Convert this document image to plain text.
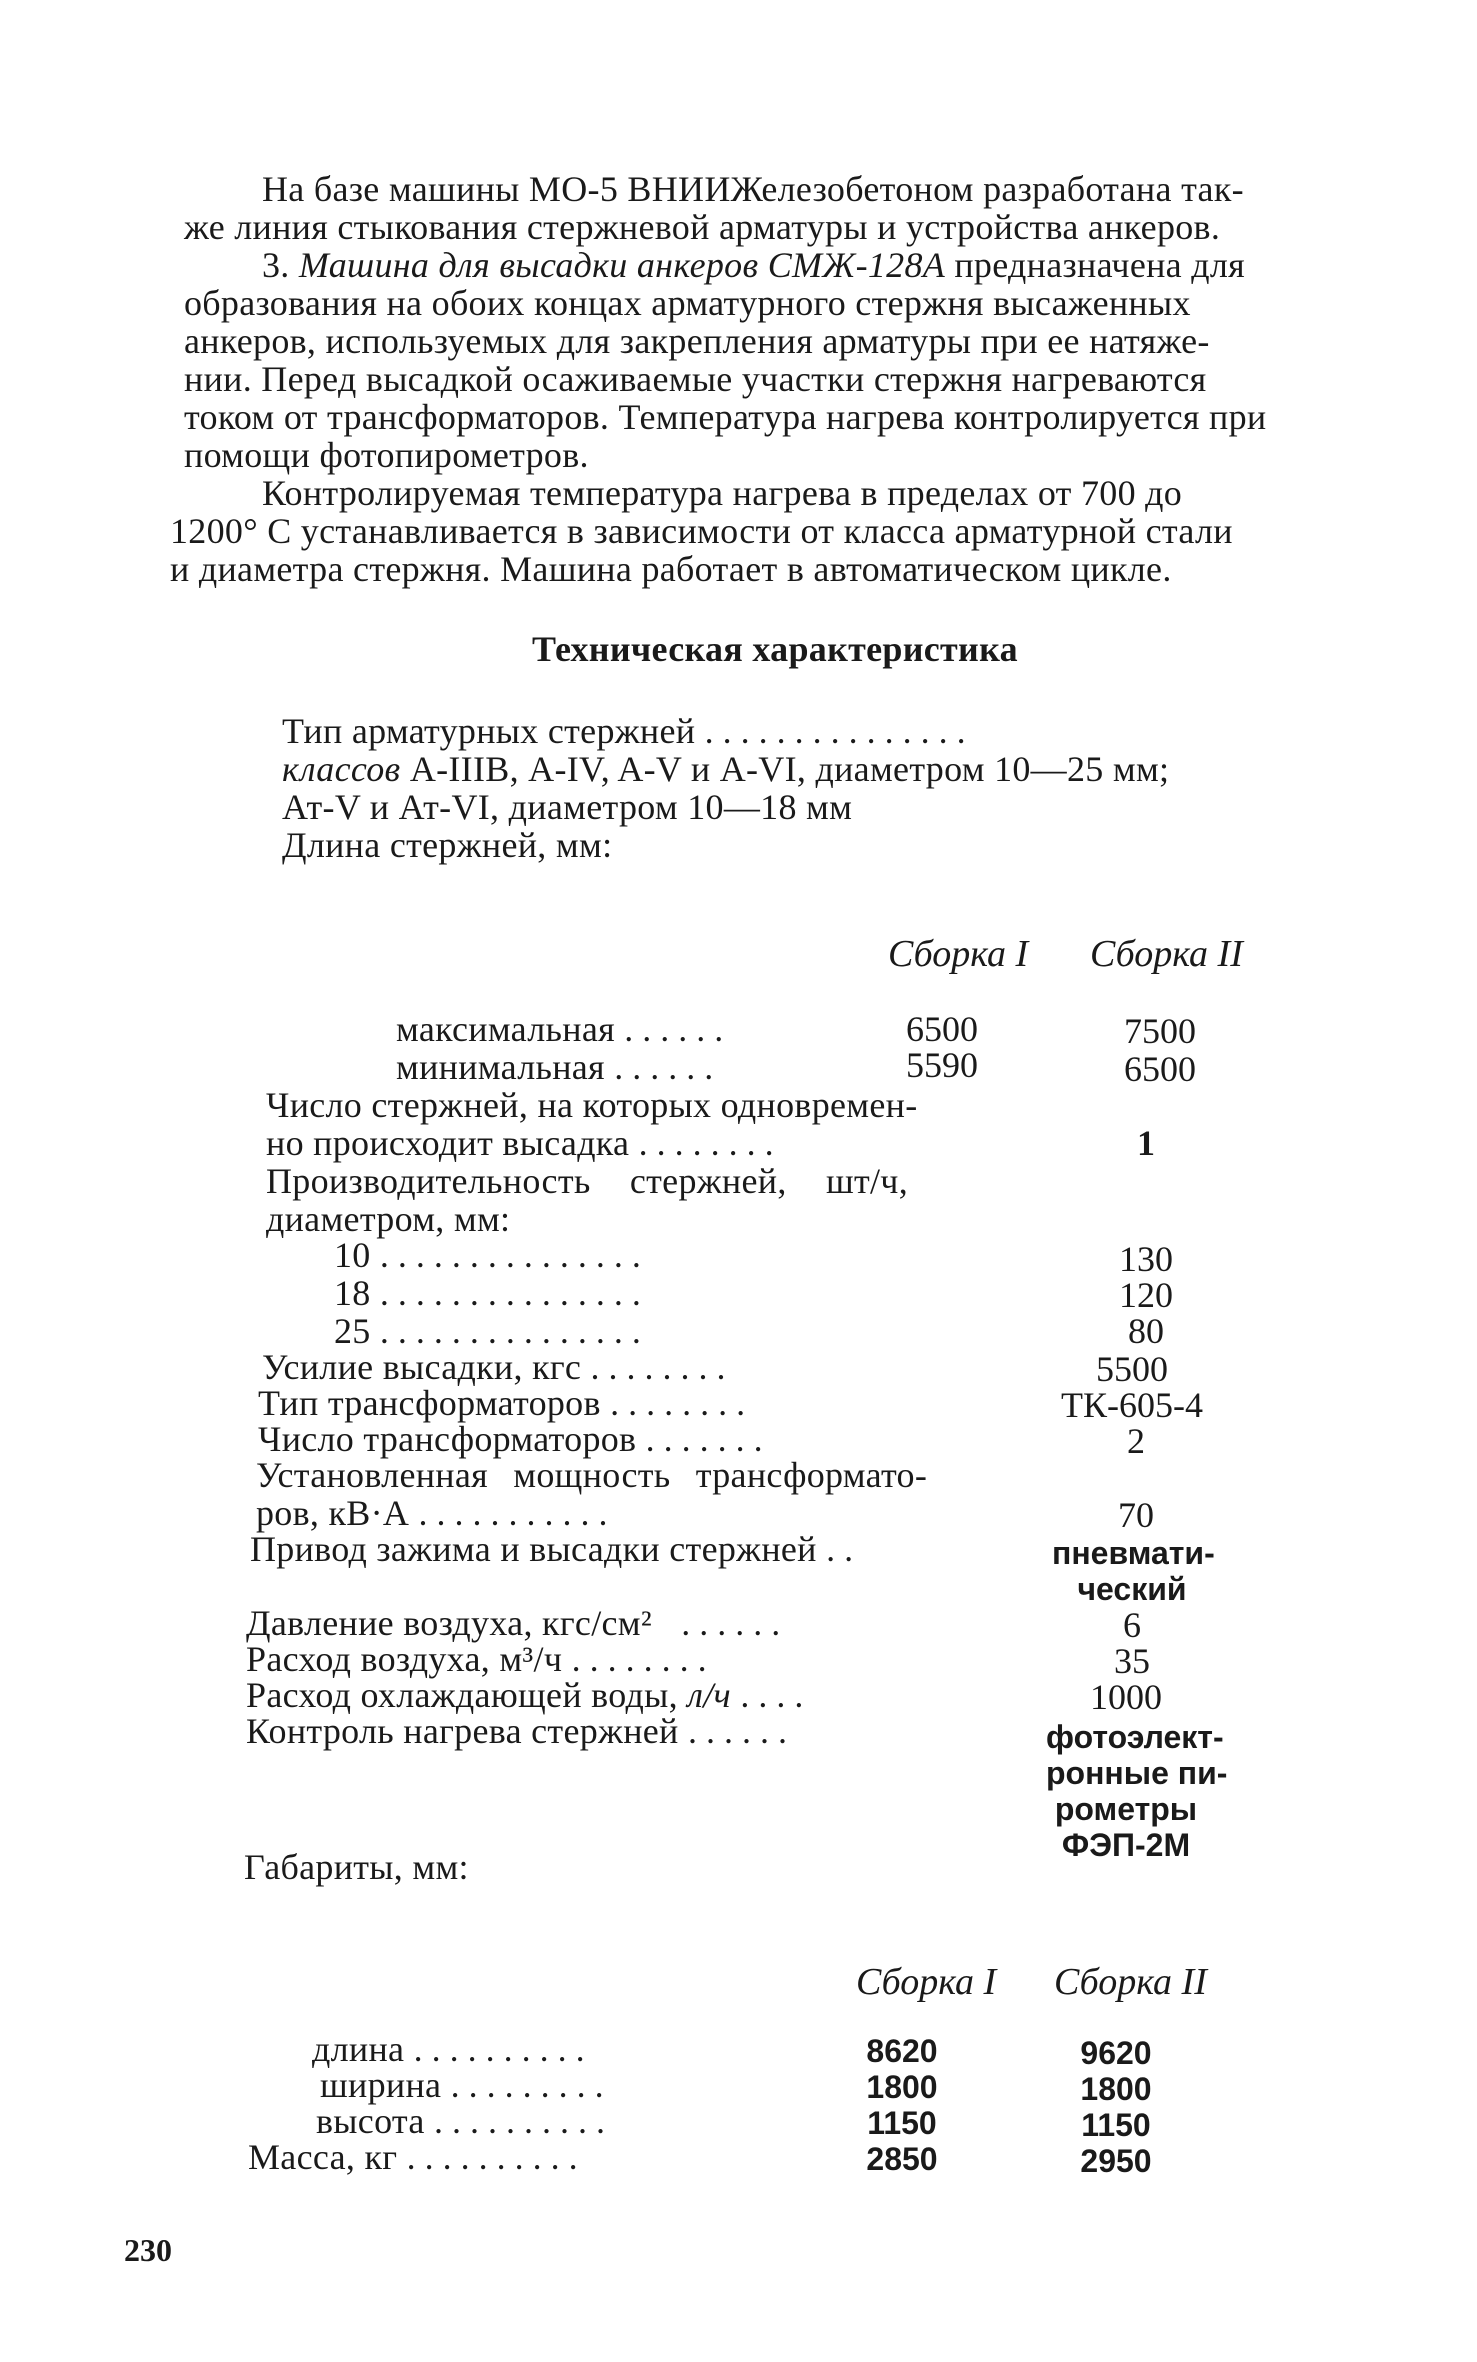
На базе машины МО-5 ВНИИЖелезобетоном разработана так-
же линия стыкования стержневой арматуры и устройства анкеров.
3. Машина для высадки анкеров СМЖ-128А предназначена для
образования на обоих концах арматурного стержня высаженных
анкеров, используемых для закрепления арматуры при ее натяже-
нии. Перед высадкой осаживаемые участки стержня нагреваются
током от трансформаторов. Температура нагрева контролируется при
помощи фотопирометров.
Контролируемая температура нагрева в пределах от 700 до
1200° С устанавливается в зависимости от класса арматурной стали
и диаметра стержня. Машина работает в автоматическом цикле.
Техническая характеристика
Тип арматурных стержней ...............
классов А-IIIВ, A-IV, A-V и A-VI, диаметром 10—25 мм;
Ат-V и Ат-VI, диаметром 10—18 мм
Длина стержней, мм:
Сборка I Сборка II
максимальная ......	6500	7500
минимальная ......	5590	6500
Число стержней, на которых одновремен-
но происходит высадка ........	1
Производительность стержней, шт/ч,
диаметром, мм:
10 ...............	130
18 ...............	120
25 ...............	80
Усилие высадки, кгс ........	5500
Тип трансформаторов ........	ТК-605-4
Число трансформаторов .......	2
Установленная мощность трансформато-
ров, кВ·А ...........	70
Привод зажима и высадки стержней ..	пневмати-
ческий
Давление воздуха, кгс/см² ......	6
Расход воздуха, м³/ч ........	35
Расход охлаждающей воды, л/ч ....	1000
Контроль нагрева стержней ......	фотоэлект-
ронные пи-
рометры
ФЭП-2М
Габариты, мм:
Сборка I Сборка II
длина ..........	8620	9620
ширина .........	1800	1800
высота ..........	1150	1150
Масса, кг ..........	2850	2950
230
